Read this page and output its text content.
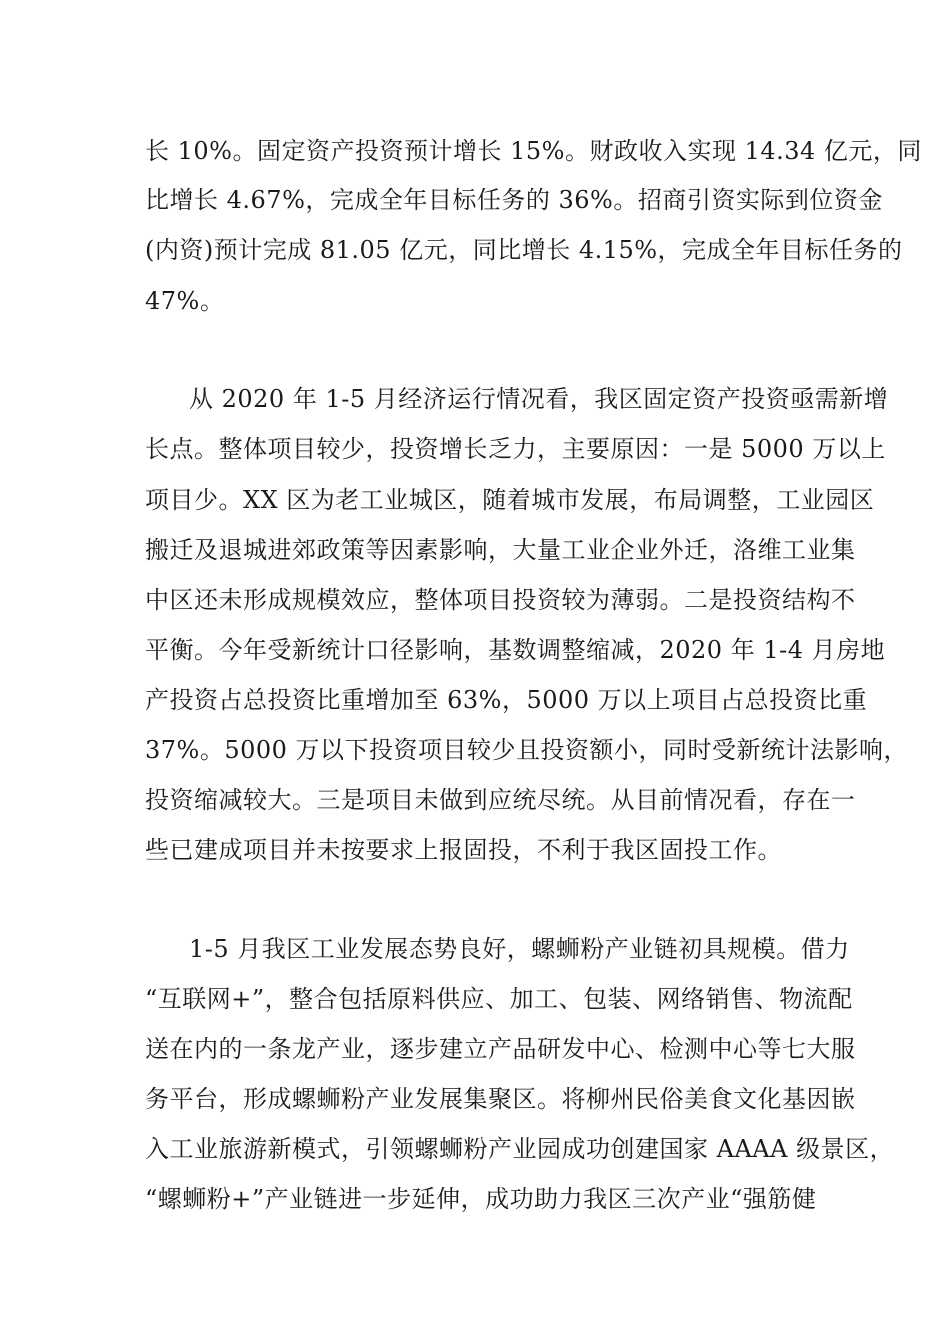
长 10%。固定资产投资预计增长 15%。财政收入实现 14.34 亿元，同
比增长 4.67%，完成全年目标任务的 36%。招商引资实际到位资金
(内资)预计完成 81.05 亿元，同比增长 4.15%，完成全年目标任务的
47%。
从 2020 年 1-5 月经济运行情况看，我区固定资产投资亟需新增
长点。整体项目较少，投资增长乏力，主要原因：一是 5000 万以上
项目少。XX 区为老工业城区，随着城市发展，布局调整，工业园区
搬迁及退城进郊政策等因素影响，大量工业企业外迁，洛维工业集
中区还未形成规模效应，整体项目投资较为薄弱。二是投资结构不
平衡。今年受新统计口径影响，基数调整缩减，2020 年 1-4 月房地
产投资占总投资比重增加至 63%，5000 万以上项目占总投资比重
37%。5000 万以下投资项目较少且投资额小，同时受新统计法影响，
投资缩减较大。三是项目未做到应统尽统。从目前情况看，存在一
些已建成项目并未按要求上报固投，不利于我区固投工作。
1-5 月我区工业发展态势良好，螺蛳粉产业链初具规模。借力
“互联网+”，整合包括原料供应、加工、包装、网络销售、物流配
送在内的一条龙产业，逐步建立产品研发中心、检测中心等七大服
务平台，形成螺蛳粉产业发展集聚区。将柳州民俗美食文化基因嵌
入工业旅游新模式，引领螺蛳粉产业园成功创建国家 AAAA 级景区，
“螺蛳粉+”产业链进一步延伸，成功助力我区三次产业“强筋健
